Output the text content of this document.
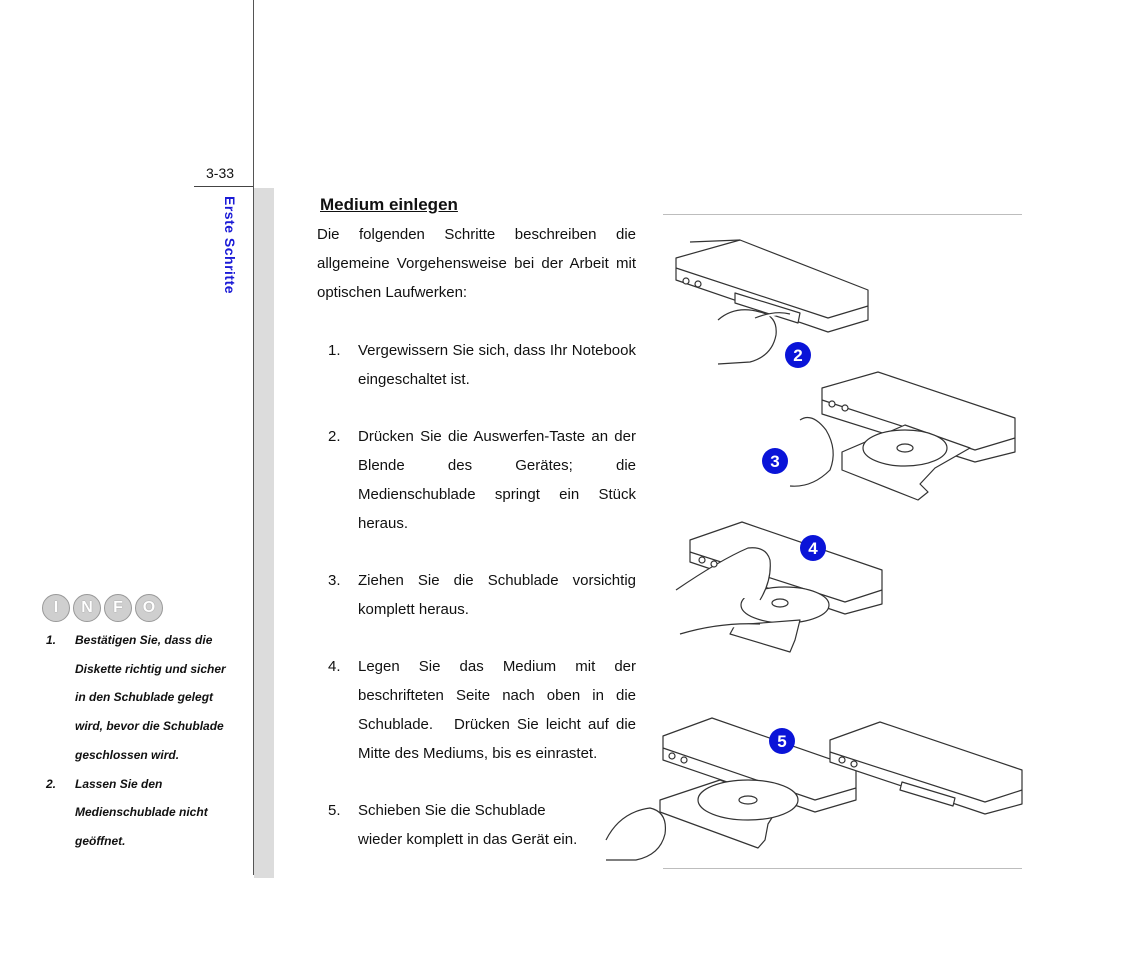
3-33
Erste Schritte
I	N	F	O
1.	Bestätigen Sie, dass die
Diskette richtig und sicher
in den Schublade gelegt
wird, bevor die Schublade
geschlossen wird.
2.	Lassen Sie den
Medienschublade nicht
geöffnet.
Medium einlegen

Die folgenden Schritte beschreiben die allgemeine Vorgehensweise bei der Arbeit mit optischen Laufwerken:

1.	Vergewissern Sie sich, dass Ihr Notebook eingeschaltet ist.
2.	Drücken Sie die Auswerfen-Taste an der Blende des Gerätes; die Medienschublade springt ein Stück heraus.
3.	Ziehen Sie die Schublade vorsichtig komplett heraus.
4.	Legen Sie das Medium mit der beschrifteten Seite nach oben in die Schublade.　Drücken Sie leicht auf die Mitte des Mediums, bis es einrastet.
5.	Schieben Sie die Schublade
wieder komplett in das Gerät ein.
2
3
4
5
